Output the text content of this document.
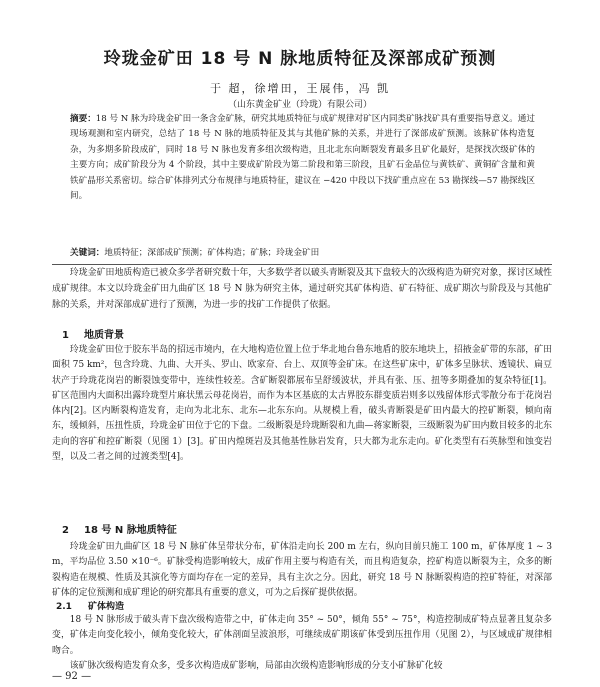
玲珑金矿田 18 号 N 脉地质特征及深部成矿预测
于 超，徐增田，王展伟，冯 凯
（山东黄金矿业（玲珑）有限公司）

摘要：18 号 N 脉为玲珑金矿田一条含金矿脉，研究其地质特征与成矿规律对矿区内同类矿脉找矿具有重要指导意义。通过现场观测和室内研究，总结了 18 号 N 脉的地质特征及其与其他矿脉的关系，并进行了深部成矿预测。该脉矿体构造复杂，为多期多阶段成矿，同时 18 号 N 脉也发育多组次级构造，且北北东向断裂发育最多且矿化最好，是探找次级矿体的主要方向；成矿阶段分为 4 个阶段，其中主要成矿阶段为第二阶段和第三阶段，且矿石金品位与黄铁矿、黄铜矿含量和黄铁矿晶形关系密切。综合矿体排列式分布规律与地质特征，建议在 −420 中段以下找矿重点应在 53 勘探线—57 勘探线区间。

关键词：地质特征；深部成矿预测；矿体构造；矿脉；玲珑金矿田

玲珑金矿田地质构造已被众多学者研究数十年，大多数学者以破头青断裂及其下盘较大的次级构造为研究对象，探讨区域性成矿规律。本文以玲珑金矿田九曲矿区 18 号 N 脉为研究主体，通过研究其矿体构造、矿石特征、成矿期次与阶段及与其他矿脉的关系，并对深部成矿进行了预测，为进一步的找矿工作提供了依据。

1 地质背景

玲珑金矿田位于胶东半岛的招远市境内，在大地构造位置上位于华北地台鲁东地盾的胶东地块上，招掖金矿带的东部，矿田面积 75 km²，包含玲珑、九曲、大开头、罗山、欧家夼、台上、双顶等金矿床。在这些矿床中，矿体多呈脉状、透镜状、扁豆状产于玲珑花岗岩的断裂蚀变带中，连续性较差。含矿断裂都展布呈舒缓波状，并具有张、压、扭等多期叠加的复杂特征[1]。矿区范围内大面积出露玲珑型片麻状黑云母花岗岩，而作为本区基底的太古界胶东群变质岩则多以残留体形式零散分布于花岗岩体内[2]。区内断裂构造发育，走向为北北东、北东—北东东向。从规模上看，破头青断裂是矿田内最大的控矿断裂，倾向南东，缓倾斜，压扭性质，玲珑金矿田位于它的下盘。二级断裂是玲珑断裂和九曲—蒋家断裂，三级断裂为矿田内数目较多的北东走向的容矿和控矿断裂（见图 1）[3]。矿田内煌斑岩及其他基性脉岩发育，只大都为北东走向。矿化类型有石英脉型和蚀变岩型，以及二者之间的过渡类型[4]。

2 18 号 N 脉地质特征

玲珑金矿田九曲矿区 18 号 N 脉矿体呈带状分布，矿体沿走向长 200 m 左右，纵向目前只施工 100 m，矿体厚度 1 ~ 3 m，平均品位 3.50 ×10⁻⁶。矿脉受构造影响较大，成矿作用主要与构造有关，而且构造复杂，控矿构造以断裂为主，众多的断裂构造在规模、性质及其演化等方面均存在一定的差异，具有主次之分。因此，研究 18 号 N 脉断裂构造的控矿特征，对深部矿体的定位预测和成矿理论的研究都具有重要的意义，可为之后探矿提供依据。

2.1 矿体构造
18 号 N 脉形成于破头青下盘次级构造带之中，矿体走向 35° ~ 50°，倾角 55° ~ 75°，构造控制成矿特点显著且复杂多变，矿体走向变化较小，倾角变化较大，矿体剖面呈波浪形，可继续成矿期该矿体受到压扭作用（见图 2），与区域成矿规律相吻合。
该矿脉次级构造发育众多，受多次构造成矿影响，局部由次级构造影响形成的分支小矿脉矿化较
— 92 —
